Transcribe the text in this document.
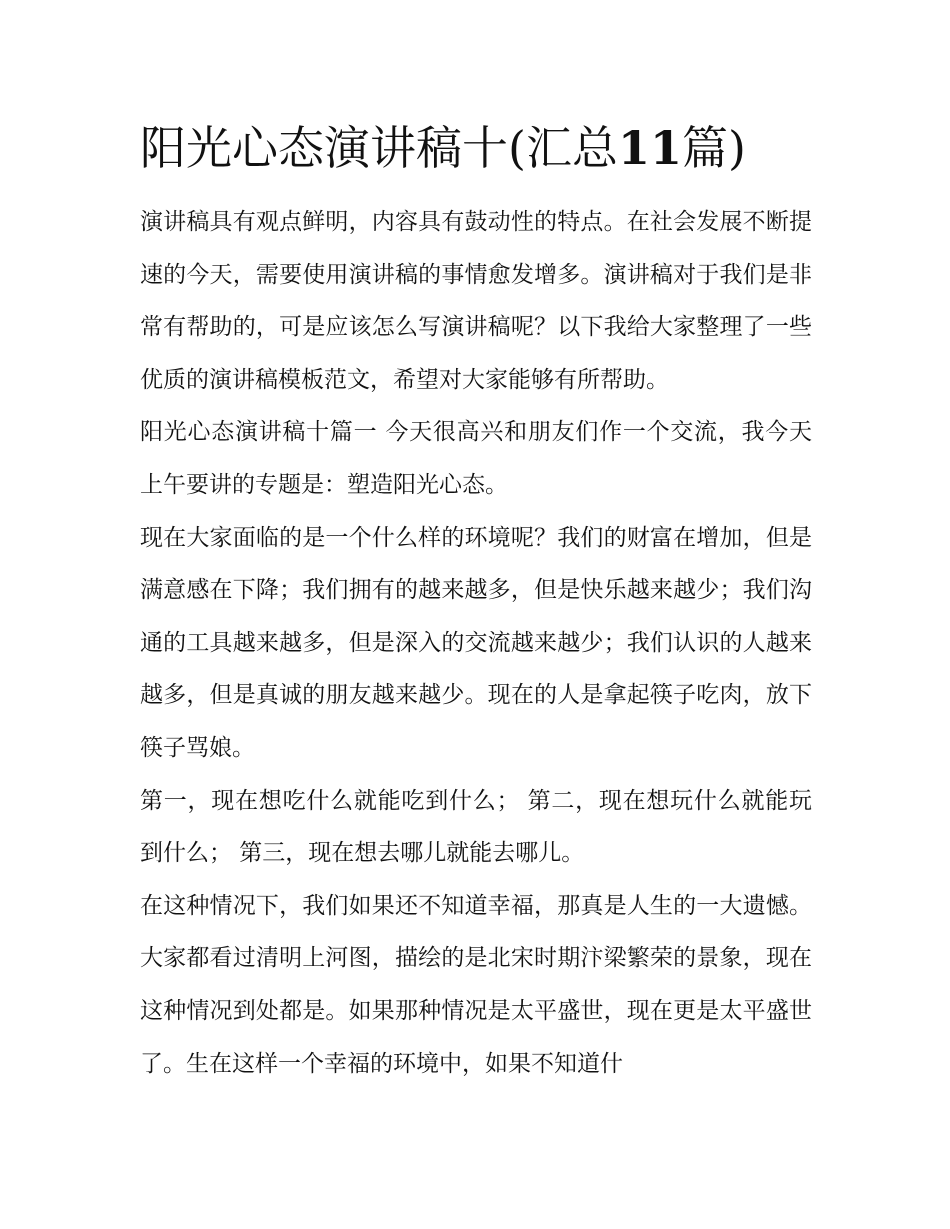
阳光心态演讲稿十(汇总11篇)

演讲稿具有观点鲜明，内容具有鼓动性的特点。在社会发展不断提速的今天，需要使用演讲稿的事情愈发增多。演讲稿对于我们是非常有帮助的，可是应该怎么写演讲稿呢？以下我给大家整理了一些优质的演讲稿模板范文，希望对大家能够有所帮助。

阳光心态演讲稿十篇一 今天很高兴和朋友们作一个交流，我今天上午要讲的专题是：塑造阳光心态。

现在大家面临的是一个什么样的环境呢？我们的财富在增加，但是满意感在下降；我们拥有的越来越多，但是快乐越来越少；我们沟通的工具越来越多，但是深入的交流越来越少；我们认识的人越来越多，但是真诚的朋友越来越少。现在的人是拿起筷子吃肉，放下筷子骂娘。

第一，现在想吃什么就能吃到什么； 第二，现在想玩什么就能玩到什么； 第三，现在想去哪儿就能去哪儿。

在这种情况下，我们如果还不知道幸福，那真是人生的一大遗憾。大家都看过清明上河图，描绘的是北宋时期汴梁繁荣的景象，现在这种情况到处都是。如果那种情况是太平盛世，现在更是太平盛世了。生在这样一个幸福的环境中，如果不知道什
